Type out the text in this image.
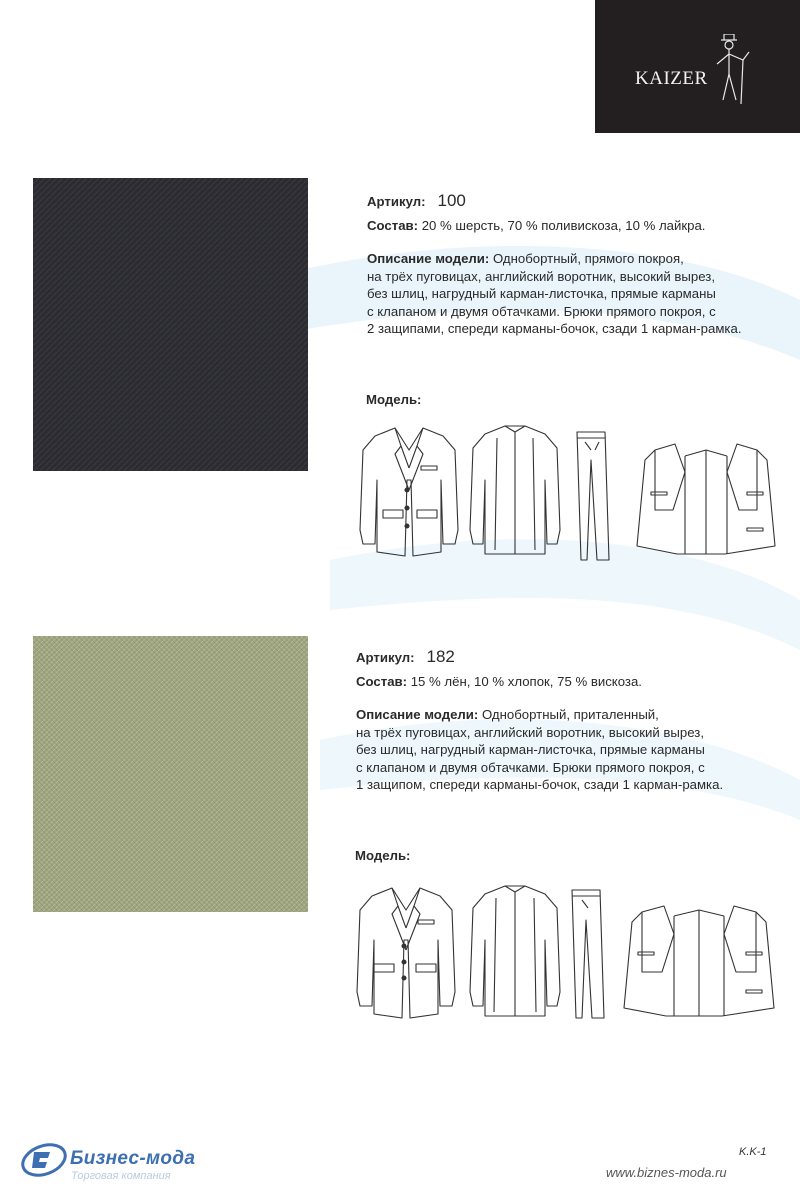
KAIZER
Артикул: 100
Состав: 20 % шерсть, 70 % поливискоза, 10 % лайкра.
Описание модели: Однобортный, прямого покроя,
на трёх пуговицах, английский воротник, высокий вырез,
без шлиц, нагрудный карман-листочка, прямые карманы
с клапаном и двумя обтачками. Брюки прямого покроя, с
2 защипами, спереди карманы-бочок, сзади 1 карман-рамка.
Модель:
Артикул: 182
Состав: 15 % лён, 10 % хлопок, 75 % вискоза.
Описание модели: Однобортный, приталенный,
на трёх пуговицах, английский воротник, высокий вырез,
без шлиц, нагрудный карман-листочка, прямые карманы
с клапаном и двумя обтачками. Брюки прямого покроя, с
1 защипом, спереди карманы-бочок, сзади 1 карман-рамка.
Модель:
Бизнес-мода
Торговая компания
K.K-1
www.biznes-moda.ru
